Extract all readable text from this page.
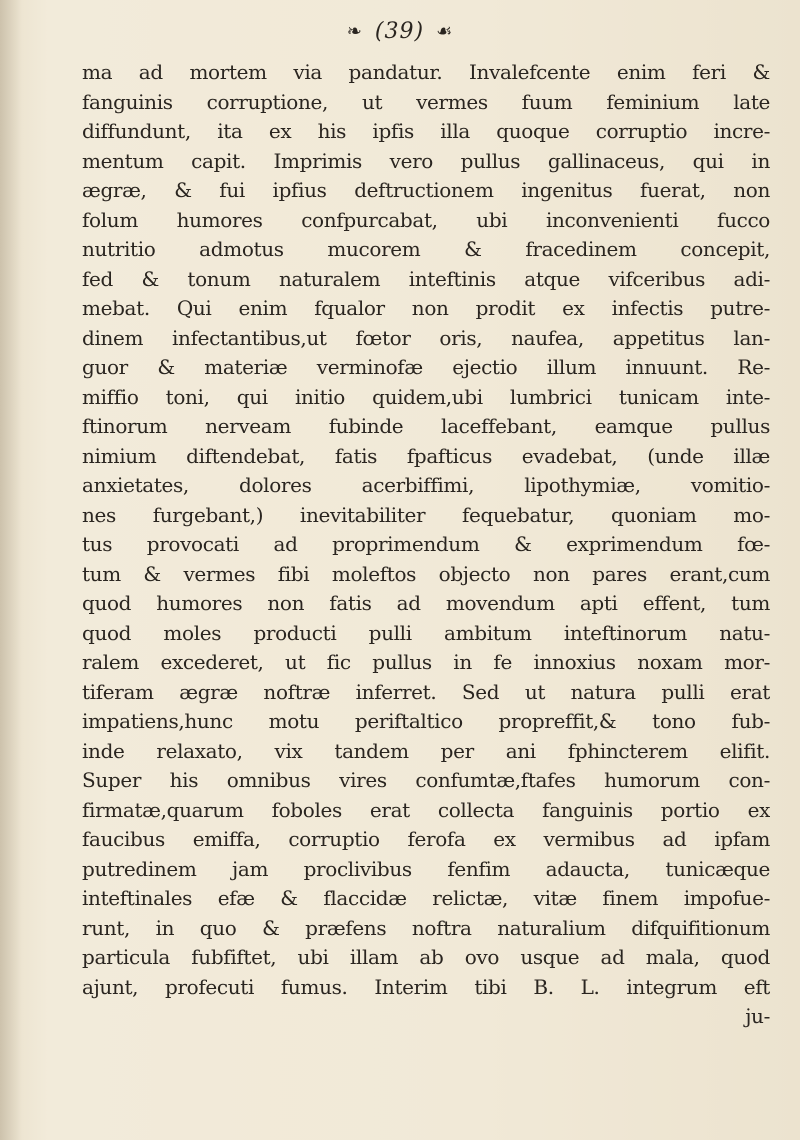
❧ (39) ☙
ma ad mortem via pandatur. Invalefcente enim feri &
fanguinis corruptione, ut vermes fuum feminium late
diffundunt, ita ex his ipfis illa quoque corruptio incre-
mentum capit. Imprimis vero pullus gallinaceus, qui in
ægræ, & fui ipfius deftructionem ingenitus fuerat, non
folum humores confpurcabat, ubi inconvenienti fucco
nutritio admotus mucorem & fracedinem concepit,
fed & tonum naturalem inteftinis atque vifceribus adi-
mebat. Qui enim fqualor non prodit ex infectis putre-
dinem infectantibus,ut fœtor oris, naufea, appetitus lan-
guor & materiæ verminofæ ejectio illum innuunt. Re-
miffio toni, qui initio quidem,ubi lumbrici tunicam inte-
ftinorum nerveam fubinde laceffebant, eamque pullus
nimium diftendebat, fatis fpafticus evadebat, (unde illæ
anxietates, dolores acerbiffimi, lipothymiæ, vomitio-
nes furgebant,) inevitabiliter fequebatur, quoniam mo-
tus provocati ad proprimendum & exprimendum fœ-
tum & vermes fibi moleftos objecto non pares erant,cum
quod humores non fatis ad movendum apti effent, tum
quod moles producti pulli ambitum inteftinorum natu-
ralem excederet, ut fic pullus in fe innoxius noxam mor-
tiferam ægræ noftræ inferret. Sed ut natura pulli erat
impatiens,hunc motu periftaltico propreffit,& tono fub-
inde relaxato, vix tandem per ani fphincterem elifit.
Super his omnibus vires confumtæ,ftafes humorum con-
firmatæ,quarum foboles erat collecta fanguinis portio ex
faucibus emiffa, corruptio ferofa ex vermibus ad ipfam
putredinem jam proclivibus fenfim adaucta, tunicæque
inteftinales efæ & flaccidæ relictæ, vitæ finem impofue-
runt, in quo & præfens noftra naturalium difquifitionum
particula fubfiftet, ubi illam ab ovo usque ad mala, quod
ajunt, profecuti fumus. Interim tibi B. L. integrum eft
ju-
